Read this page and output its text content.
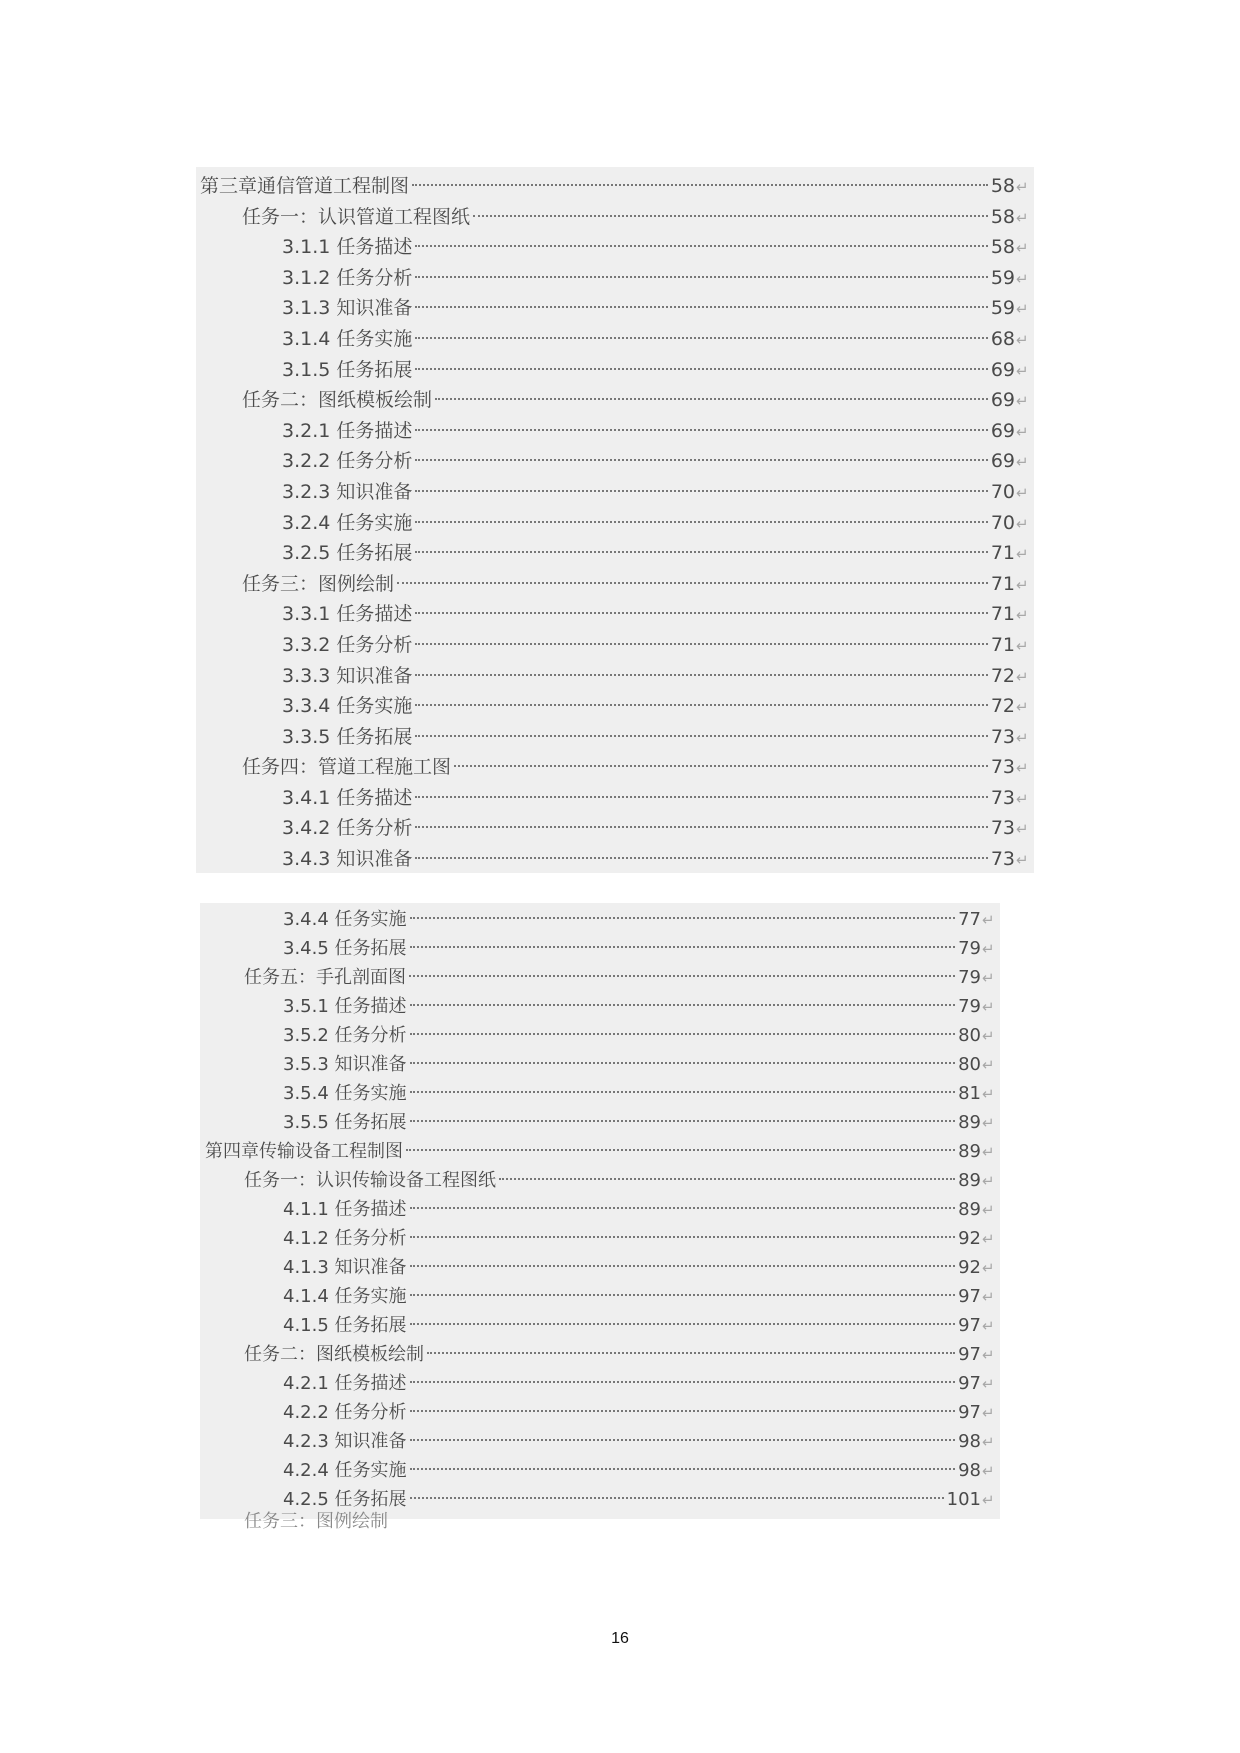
第三章通信管道工程制图	58 ↵
任务一：认识管道工程图纸	58 ↵
3.1.1 任务描述	58 ↵
3.1.2 任务分析	59 ↵
3.1.3 知识准备	59 ↵
3.1.4 任务实施	68 ↵
3.1.5 任务拓展	69 ↵
任务二：图纸模板绘制	69 ↵
3.2.1 任务描述	69 ↵
3.2.2 任务分析	69 ↵
3.2.3 知识准备	70 ↵
3.2.4 任务实施	70 ↵
3.2.5 任务拓展	71 ↵
任务三：图例绘制	71 ↵
3.3.1 任务描述	71 ↵
3.3.2 任务分析	71 ↵
3.3.3 知识准备	72 ↵
3.3.4 任务实施	72 ↵
3.3.5 任务拓展	73 ↵
任务四：管道工程施工图	73 ↵
3.4.1 任务描述	73 ↵
3.4.2 任务分析	73 ↵
3.4.3 知识准备	73 ↵
3.4.4 任务实施	77 ↵
3.4.5 任务拓展	79 ↵
任务五：手孔剖面图	79 ↵
3.5.1 任务描述	79 ↵
3.5.2 任务分析	80 ↵
3.5.3 知识准备	80 ↵
3.5.4 任务实施	81 ↵
3.5.5 任务拓展	89 ↵
第四章传输设备工程制图	89 ↵
任务一：认识传输设备工程图纸	89 ↵
4.1.1 任务描述	89 ↵
4.1.2 任务分析	92 ↵
4.1.3 知识准备	92 ↵
4.1.4 任务实施	97 ↵
4.1.5 任务拓展	97 ↵
任务二：图纸模板绘制	97 ↵
4.2.1 任务描述	97 ↵
4.2.2 任务分析	97 ↵
4.2.3 知识准备	98 ↵
4.2.4 任务实施	98 ↵
4.2.5 任务拓展	101 ↵
任务三：图例绘制
16
